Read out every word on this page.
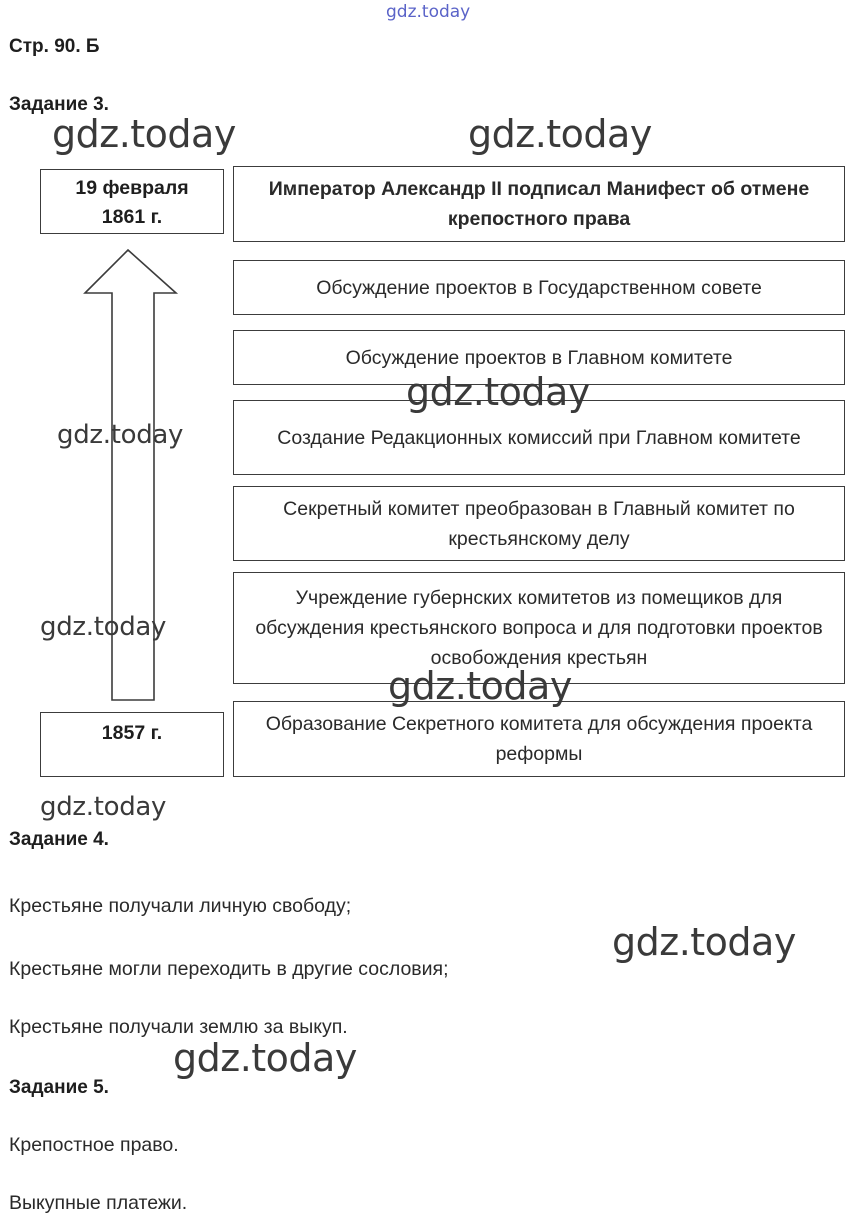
gdz.today
Стр. 90. Б
Задание 3.
19 февраля
1861 г.
1857 г.
Император Александр II подписал Манифест об отмене крепостного права
Обсуждение проектов в Государственном совете
Обсуждение проектов в Главном комитете
Создание Редакционных комиссий при Главном комитете
Секретный комитет преобразован в Главный комитет по крестьянскому делу
Учреждение губернских комитетов из помещиков для обсуждения крестьянского вопроса и для подготовки проектов освобождения крестьян
Образование Секретного комитета для обсуждения проекта реформы
Задание 4.
Крестьяне получали личную свободу;
Крестьяне могли переходить в другие сословия;
Крестьяне получали землю за выкуп.
Задание 5.
Крепостное право.
Выкупные платежи.
gdz.today	gdz.today
gdz.today
gdz.today
gdz.today
gdz.today
gdz.today
gdz.today
gdz.today
